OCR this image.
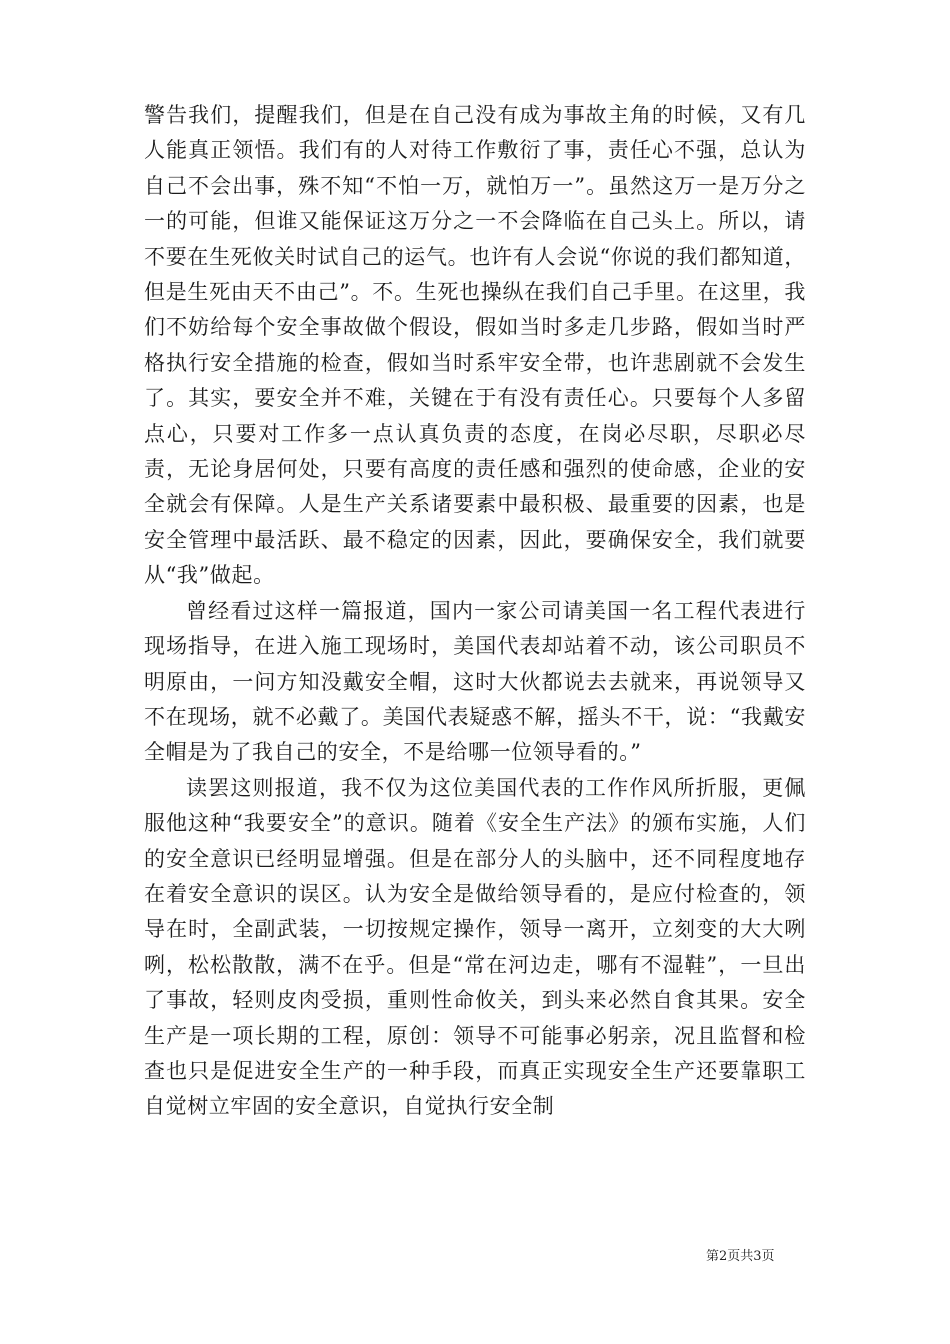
警告我们，提醒我们，但是在自己没有成为事故主角的时候，又有几人能真正领悟。我们有的人对待工作敷衍了事，责任心不强，总认为自己不会出事，殊不知“不怕一万，就怕万一”。虽然这万一是万分之一的可能，但谁又能保证这万分之一不会降临在自己头上。所以，请不要在生死攸关时试自己的运气。也许有人会说“你说的我们都知道，但是生死由天不由己”。不。生死也操纵在我们自己手里。在这里，我们不妨给每个安全事故做个假设，假如当时多走几步路，假如当时严格执行安全措施的检查，假如当时系牢安全带，也许悲剧就不会发生了。其实，要安全并不难，关键在于有没有责任心。只要每个人多留点心，只要对工作多一点认真负责的态度，在岗必尽职，尽职必尽责，无论身居何处，只要有高度的责任感和强烈的使命感，企业的安全就会有保障。人是生产关系诸要素中最积极、最重要的因素，也是安全管理中最活跃、最不稳定的因素，因此，要确保安全，我们就要从“我”做起。

曾经看过这样一篇报道，国内一家公司请美国一名工程代表进行现场指导，在进入施工现场时，美国代表却站着不动，该公司职员不明原由，一问方知没戴安全帽，这时大伙都说去去就来，再说领导又不在现场，就不必戴了。美国代表疑惑不解，摇头不干，说：“我戴安全帽是为了我自己的安全，不是给哪一位领导看的。”

读罢这则报道，我不仅为这位美国代表的工作作风所折服，更佩服他这种“我要安全”的意识。随着《安全生产法》的颁布实施，人们的安全意识已经明显增强。但是在部分人的头脑中，还不同程度地存在着安全意识的误区。认为安全是做给领导看的，是应付检查的，领导在时，全副武装，一切按规定操作，领导一离开，立刻变的大大咧咧，松松散散，满不在乎。但是“常在河边走，哪有不湿鞋”，一旦出了事故，轻则皮肉受损，重则性命攸关，到头来必然自食其果。安全生产是一项长期的工程，原创：领导不可能事必躬亲，况且监督和检查也只是促进安全生产的一种手段，而真正实现安全生产还要靠职工自觉树立牢固的安全意识，自觉执行安全制

第2页共3页
